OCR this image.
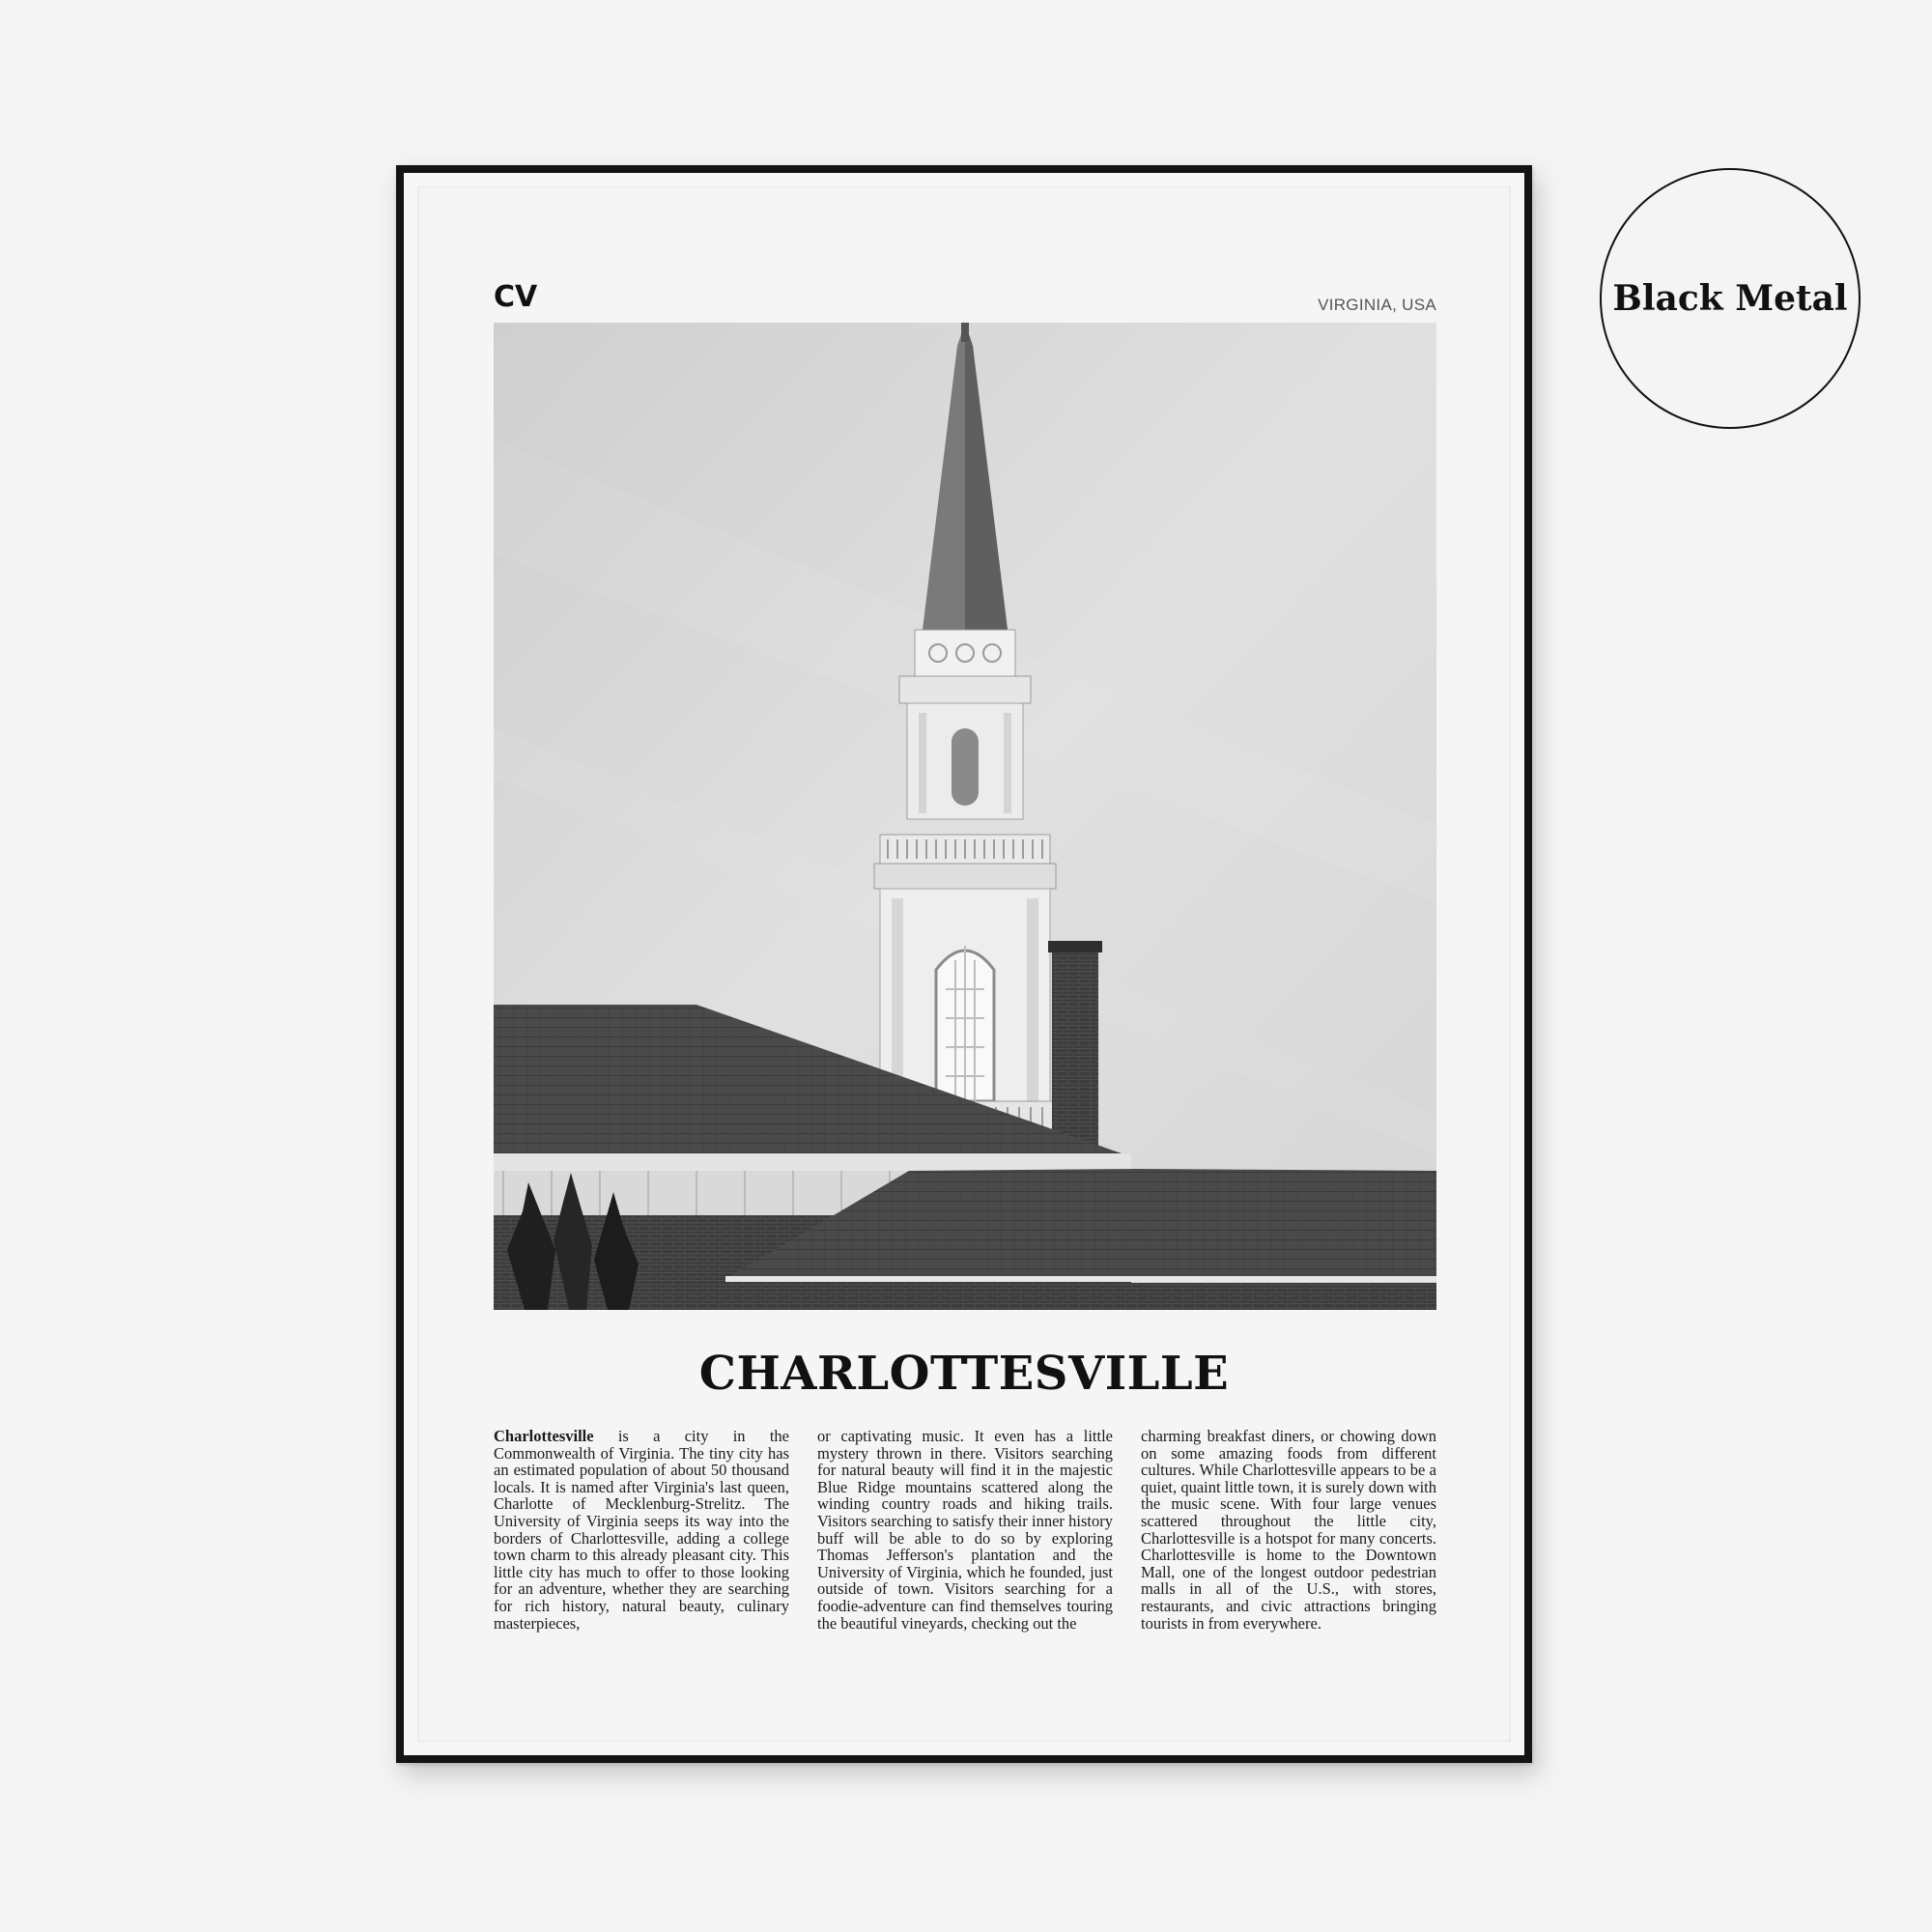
CV	VIRGINIA, USA
CHARLOTTESVILLE
Charlottesville is a city in the Commonwealth of Virginia. The tiny city has an estimated population of about 50 thousand locals. It is named after Virginia's last queen, Charlotte of Mecklenburg-Strelitz. The University of Virginia seeps its way into the borders of Charlottesville, adding a college town charm to this already pleasant city. This little city has much to offer to those looking for an adventure, whether they are searching for rich history, natural beauty, culinary masterpieces,
or captivating music. It even has a little mystery thrown in there. Visitors searching for natural beauty will find it in the majestic Blue Ridge mountains scattered along the winding country roads and hiking trails. Visitors searching to satisfy their inner history buff will be able to do so by exploring Thomas Jefferson's plantation and the University of Virginia, which he founded, just outside of town. Visitors searching for a foodie-adventure can find themselves touring the beautiful vineyards, checking out the
charming breakfast diners, or chowing down on some amazing foods from different cultures. While Charlottesville appears to be a quiet, quaint little town, it is surely down with the music scene. With four large venues scattered throughout the little city, Charlottesville is a hotspot for many concerts. Charlottesville is home to the Downtown Mall, one of the longest outdoor pedestrian malls in all of the U.S., with stores, restaurants, and civic attractions bringing tourists in from everywhere.
Black Metal
